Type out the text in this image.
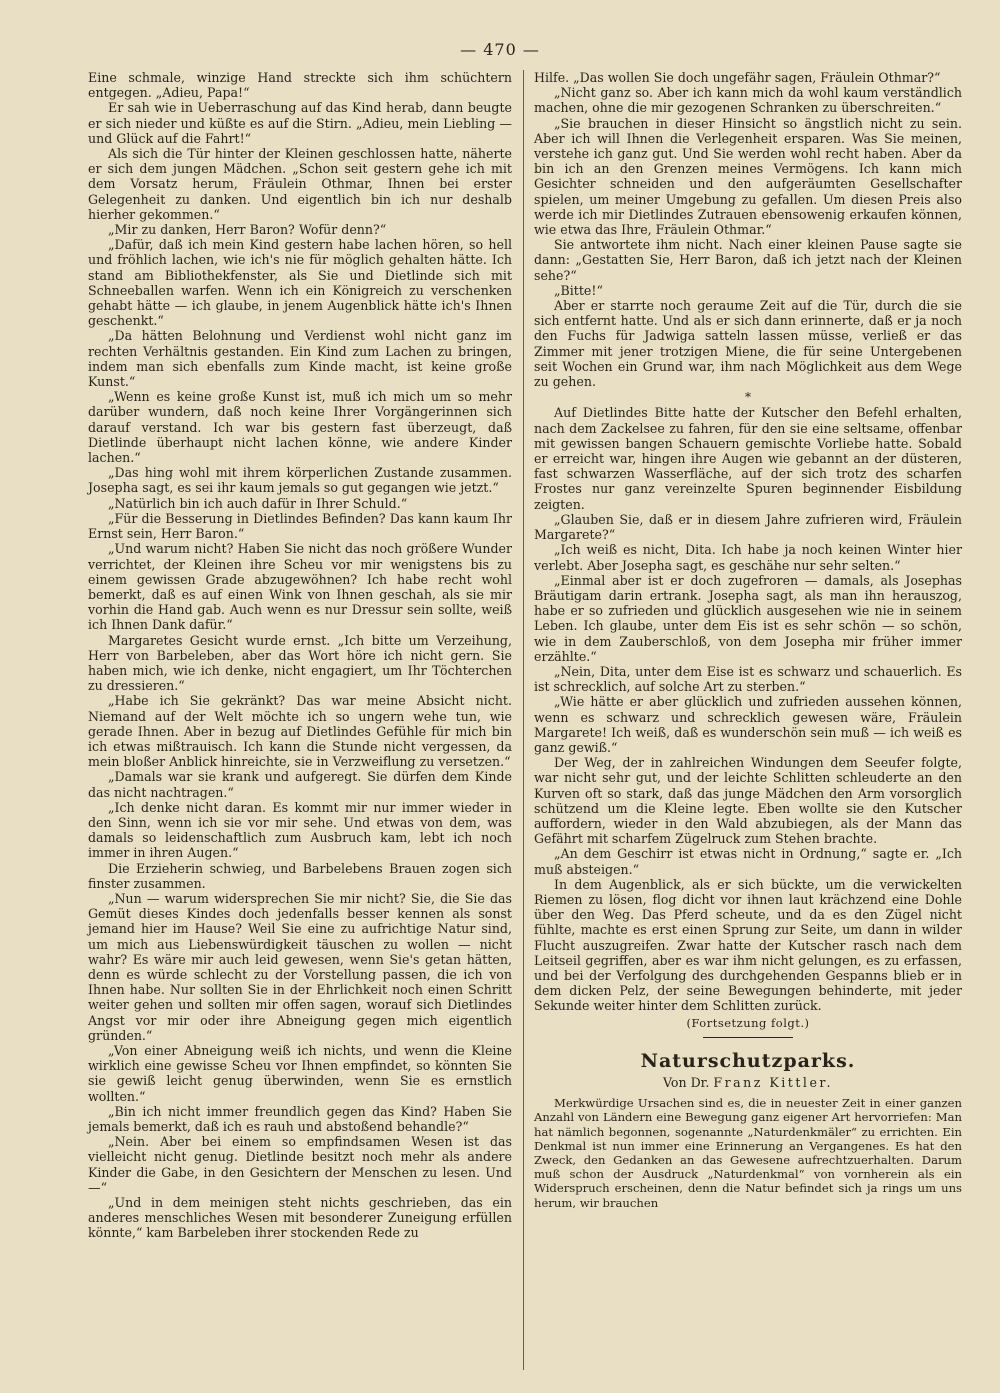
— 470 —

Eine schmale, winzige Hand streckte sich ihm schüchtern entgegen. „Adieu, Papa!“

Er sah wie in Ueberraschung auf das Kind herab, dann beugte er sich nieder und küßte es auf die Stirn. „Adieu, mein Liebling — und Glück auf die Fahrt!“

Als sich die Tür hinter der Kleinen geschlossen hatte, näherte er sich dem jungen Mädchen. „Schon seit gestern gehe ich mit dem Vorsatz herum, Fräulein Othmar, Ihnen bei erster Gelegenheit zu danken. Und eigentlich bin ich nur deshalb hierher gekommen.“

„Mir zu danken, Herr Baron? Wofür denn?“

„Dafür, daß ich mein Kind gestern habe lachen hören, so hell und fröhlich lachen, wie ich's nie für möglich gehalten hätte. Ich stand am Bibliothekfenster, als Sie und Dietlinde sich mit Schneeballen warfen. Wenn ich ein Königreich zu verschenken gehabt hätte — ich glaube, in jenem Augenblick hätte ich's Ihnen geschenkt.“

„Da hätten Belohnung und Verdienst wohl nicht ganz im rechten Verhältnis gestanden. Ein Kind zum Lachen zu bringen, indem man sich ebenfalls zum Kinde macht, ist keine große Kunst.“

„Wenn es keine große Kunst ist, muß ich mich um so mehr darüber wundern, daß noch keine Ihrer Vorgängerinnen sich darauf verstand. Ich war bis gestern fast überzeugt, daß Dietlinde überhaupt nicht lachen könne, wie andere Kinder lachen.“

„Das hing wohl mit ihrem körperlichen Zustande zusammen. Josepha sagt, es sei ihr kaum jemals so gut gegangen wie jetzt.“

„Natürlich bin ich auch dafür in Ihrer Schuld.“

„Für die Besserung in Dietlindes Befinden? Das kann kaum Ihr Ernst sein, Herr Baron.“

„Und warum nicht? Haben Sie nicht das noch größere Wunder verrichtet, der Kleinen ihre Scheu vor mir wenigstens bis zu einem gewissen Grade abzugewöhnen? Ich habe recht wohl bemerkt, daß es auf einen Wink von Ihnen geschah, als sie mir vorhin die Hand gab. Auch wenn es nur Dressur sein sollte, weiß ich Ihnen Dank dafür.“

Margaretes Gesicht wurde ernst. „Ich bitte um Verzeihung, Herr von Barbeleben, aber das Wort höre ich nicht gern. Sie haben mich, wie ich denke, nicht engagiert, um Ihr Töchterchen zu dressieren.“

„Habe ich Sie gekränkt? Das war meine Absicht nicht. Niemand auf der Welt möchte ich so ungern wehe tun, wie gerade Ihnen. Aber in bezug auf Dietlindes Gefühle für mich bin ich etwas mißtrauisch. Ich kann die Stunde nicht vergessen, da mein bloßer Anblick hinreichte, sie in Verzweiflung zu versetzen.“

„Damals war sie krank und aufgeregt. Sie dürfen dem Kinde das nicht nachtragen.“

„Ich denke nicht daran. Es kommt mir nur immer wieder in den Sinn, wenn ich sie vor mir sehe. Und etwas von dem, was damals so leidenschaftlich zum Ausbruch kam, lebt ich noch immer in ihren Augen.“

Die Erzieherin schwieg, und Barbelebens Brauen zogen sich finster zusammen.

„Nun — warum widersprechen Sie mir nicht? Sie, die Sie das Gemüt dieses Kindes doch jedenfalls besser kennen als sonst jemand hier im Hause? Weil Sie eine zu aufrichtige Natur sind, um mich aus Liebenswürdigkeit täuschen zu wollen — nicht wahr? Es wäre mir auch leid gewesen, wenn Sie's getan hätten, denn es würde schlecht zu der Vorstellung passen, die ich von Ihnen habe. Nur sollten Sie in der Ehrlichkeit noch einen Schritt weiter gehen und sollten mir offen sagen, worauf sich Dietlindes Angst vor mir oder ihre Abneigung gegen mich eigentlich gründen.“

„Von einer Abneigung weiß ich nichts, und wenn die Kleine wirklich eine gewisse Scheu vor Ihnen empfindet, so könnten Sie sie gewiß leicht genug überwinden, wenn Sie es ernstlich wollten.“

„Bin ich nicht immer freundlich gegen das Kind? Haben Sie jemals bemerkt, daß ich es rauh und abstoßend behandle?“

„Nein. Aber bei einem so empfindsamen Wesen ist das vielleicht nicht genug. Dietlinde besitzt noch mehr als andere Kinder die Gabe, in den Gesichtern der Menschen zu lesen. Und —“

„Und in dem meinigen steht nichts geschrieben, das ein anderes menschliches Wesen mit besonderer Zuneigung erfüllen könnte,“ kam Barbeleben ihrer stockenden Rede zu

Hilfe. „Das wollen Sie doch ungefähr sagen, Fräulein Othmar?“

„Nicht ganz so. Aber ich kann mich da wohl kaum verständlich machen, ohne die mir gezogenen Schranken zu überschreiten.“

„Sie brauchen in dieser Hinsicht so ängstlich nicht zu sein. Aber ich will Ihnen die Verlegenheit ersparen. Was Sie meinen, verstehe ich ganz gut. Und Sie werden wohl recht haben. Aber da bin ich an den Grenzen meines Vermögens. Ich kann mich Gesichter schneiden und den aufgeräumten Gesellschafter spielen, um meiner Umgebung zu gefallen. Um diesen Preis also werde ich mir Dietlindes Zutrauen ebensowenig erkaufen können, wie etwa das Ihre, Fräulein Othmar.“

Sie antwortete ihm nicht. Nach einer kleinen Pause sagte sie dann: „Gestatten Sie, Herr Baron, daß ich jetzt nach der Kleinen sehe?“

„Bitte!“

Aber er starrte noch geraume Zeit auf die Tür, durch die sie sich entfernt hatte. Und als er sich dann erinnerte, daß er ja noch den Fuchs für Jadwiga satteln lassen müsse, verließ er das Zimmer mit jener trotzigen Miene, die für seine Untergebenen seit Wochen ein Grund war, ihm nach Möglichkeit aus dem Wege zu gehen.

*

Auf Dietlindes Bitte hatte der Kutscher den Befehl erhalten, nach dem Zackelsee zu fahren, für den sie eine seltsame, offenbar mit gewissen bangen Schauern gemischte Vorliebe hatte. Sobald er erreicht war, hingen ihre Augen wie gebannt an der düsteren, fast schwarzen Wasserfläche, auf der sich trotz des scharfen Frostes nur ganz vereinzelte Spuren beginnender Eisbildung zeigten.

„Glauben Sie, daß er in diesem Jahre zufrieren wird, Fräulein Margarete?“

„Ich weiß es nicht, Dita. Ich habe ja noch keinen Winter hier verlebt. Aber Josepha sagt, es geschähe nur sehr selten.“

„Einmal aber ist er doch zugefroren — damals, als Josephas Bräutigam darin ertrank. Josepha sagt, als man ihn herauszog, habe er so zufrieden und glücklich ausgesehen wie nie in seinem Leben. Ich glaube, unter dem Eis ist es sehr schön — so schön, wie in dem Zauberschloß, von dem Josepha mir früher immer erzählte.“

„Nein, Dita, unter dem Eise ist es schwarz und schauerlich. Es ist schrecklich, auf solche Art zu sterben.“

„Wie hätte er aber glücklich und zufrieden aussehen können, wenn es schwarz und schrecklich gewesen wäre, Fräulein Margarete! Ich weiß, daß es wunderschön sein muß — ich weiß es ganz gewiß.“

Der Weg, der in zahlreichen Windungen dem Seeufer folgte, war nicht sehr gut, und der leichte Schlitten schleuderte an den Kurven oft so stark, daß das junge Mädchen den Arm vorsorglich schützend um die Kleine legte. Eben wollte sie den Kutscher auffordern, wieder in den Wald abzubiegen, als der Mann das Gefährt mit scharfem Zügelruck zum Stehen brachte.

„An dem Geschirr ist etwas nicht in Ordnung,“ sagte er. „Ich muß absteigen.“

In dem Augenblick, als er sich bückte, um die verwickelten Riemen zu lösen, flog dicht vor ihnen laut krächzend eine Dohle über den Weg. Das Pferd scheute, und da es den Zügel nicht fühlte, machte es erst einen Sprung zur Seite, um dann in wilder Flucht auszugreifen. Zwar hatte der Kutscher rasch nach dem Leitseil gegriffen, aber es war ihm nicht gelungen, es zu erfassen, und bei der Verfolgung des durchgehenden Gespanns blieb er in dem dicken Pelz, der seine Bewegungen behinderte, mit jeder Sekunde weiter hinter dem Schlitten zurück.

(Fortsetzung folgt.)
Naturschutzparks.
Von Dr. Franz Kittler.

Merkwürdige Ursachen sind es, die in neuester Zeit in einer ganzen Anzahl von Ländern eine Bewegung ganz eigener Art hervorriefen: Man hat nämlich begonnen, sogenannte „Naturdenkmäler“ zu errichten. Ein Denkmal ist nun immer eine Erinnerung an Vergangenes. Es hat den Zweck, den Gedanken an das Gewesene aufrechtzuerhalten. Darum muß schon der Ausdruck „Naturdenkmal“ von vornherein als ein Widerspruch erscheinen, denn die Natur befindet sich ja rings um uns herum, wir brauchen
